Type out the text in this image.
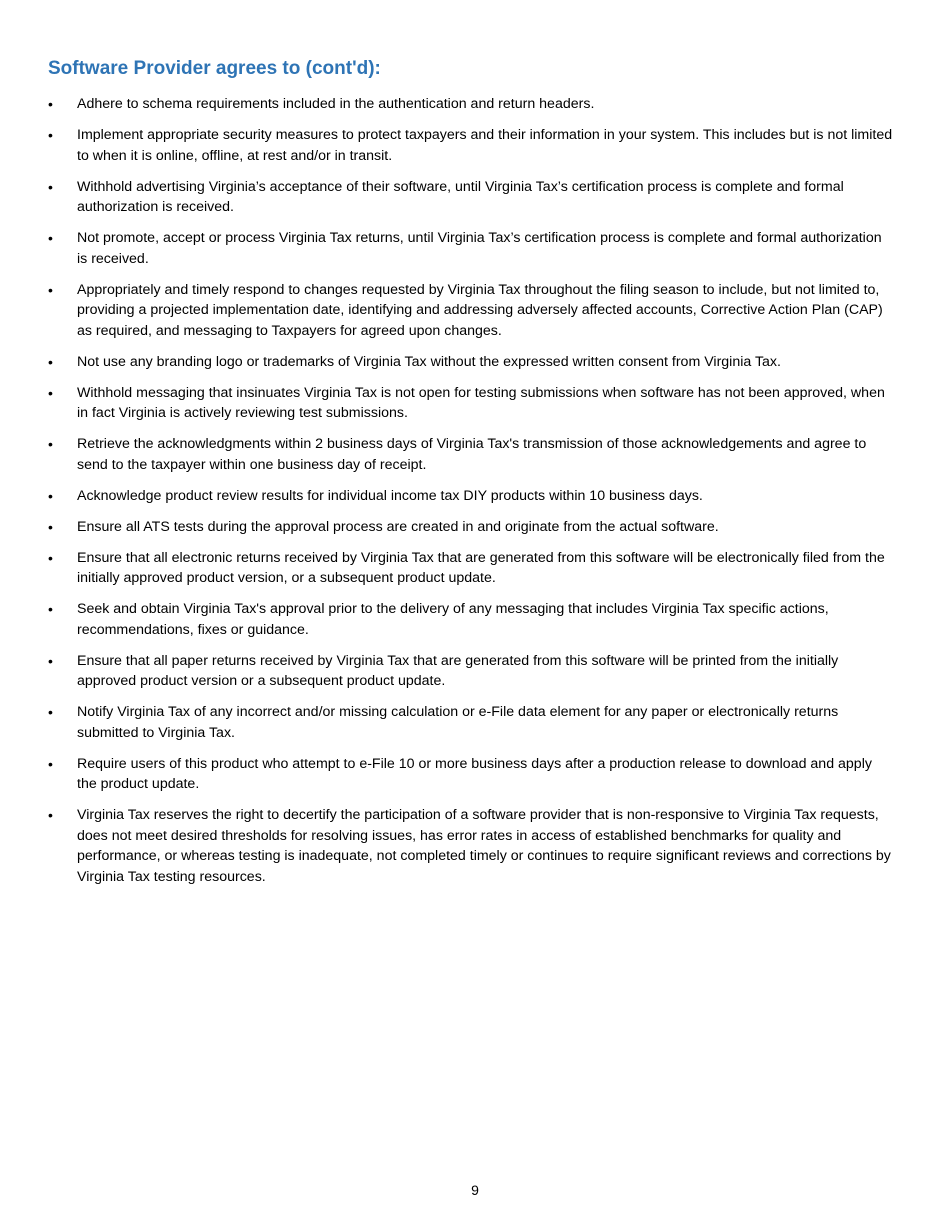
Software Provider agrees to (cont'd):
•	Adhere to schema requirements included in the authentication and return headers.
•	Implement appropriate security measures to protect taxpayers and their information in your system. This includes but is not limited to when it is online, offline, at rest and/or in transit.
•	Withhold advertising Virginia’s acceptance of their software, until Virginia Tax’s certification process is complete and formal authorization is received.
•	Not promote, accept or process Virginia Tax returns, until Virginia Tax’s certification process is complete and formal authorization is received.
•	Appropriately and timely respond to changes requested by Virginia Tax throughout the filing season to include, but not limited to, providing a projected implementation date, identifying and addressing adversely affected accounts, Corrective Action Plan (CAP) as required, and messaging to Taxpayers for agreed upon changes.
•	Not use any branding logo or trademarks of Virginia Tax without the expressed written consent from Virginia Tax.
•	Withhold messaging that insinuates Virginia Tax is not open for testing submissions when software has not been approved, when in fact Virginia is actively reviewing test submissions.
•	Retrieve the acknowledgments within 2 business days of Virginia Tax's transmission of those acknowledgements and agree to send to the taxpayer within one business day of receipt.
•	Acknowledge product review results for individual income tax DIY products within 10 business days.
•	Ensure all ATS tests during the approval process are created in and originate from the actual software.
•	Ensure that all electronic returns received by Virginia Tax that are generated from this software will be electronically filed from the initially approved product version, or a subsequent product update.
•	Seek and obtain Virginia Tax's approval prior to the delivery of any messaging that includes Virginia Tax specific actions, recommendations, fixes or guidance.
•	Ensure that all paper returns received by Virginia Tax that are generated from this software will be printed from the initially approved product version or a subsequent product update.
•	Notify Virginia Tax of any incorrect and/or missing calculation or e-File data element for any paper or electronically returns submitted to Virginia Tax.
•	Require users of this product who attempt to e-File 10 or more business days after a production release to download and apply the product update.
•	Virginia Tax reserves the right to decertify the participation of a software provider that is non-responsive to Virginia Tax requests, does not meet desired thresholds for resolving issues, has error rates in access of established benchmarks for quality and performance, or whereas testing is inadequate, not completed timely or continues to require significant reviews and corrections by Virginia Tax testing resources.
9
